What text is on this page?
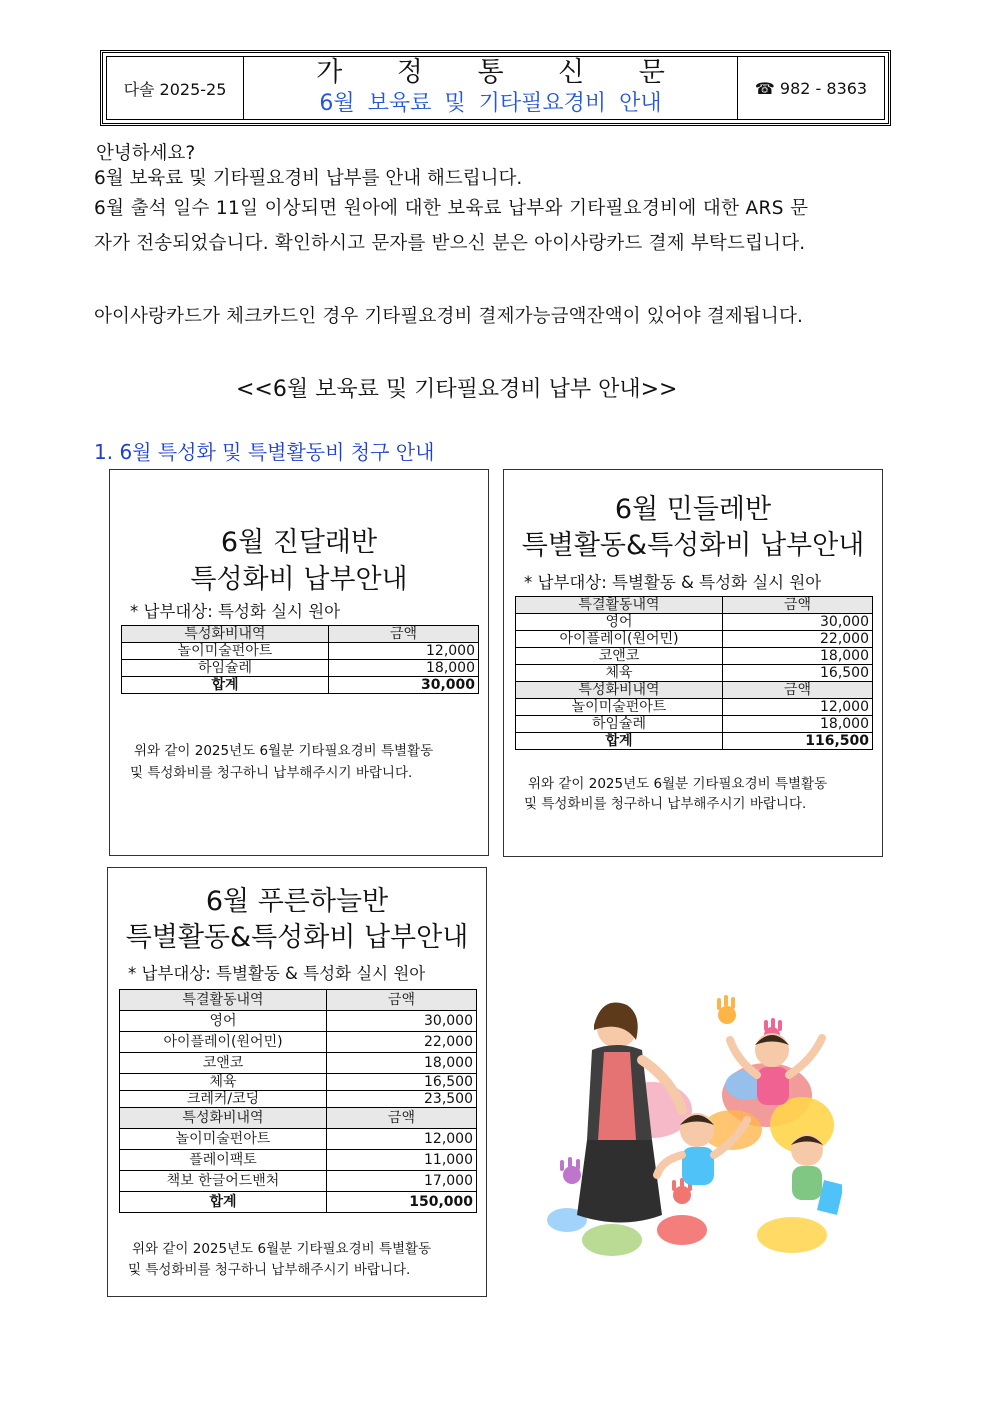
다솔 2025-25
가 정 통 신 문
6월 보육료 및 기타필요경비 안내
☎ 982 - 8363
안녕하세요?
6월 보육료 및 기타필요경비 납부를 안내 해드립니다.
6월 출석 일수 11일 이상되면 원아에 대한 보육료 납부와 기타필요경비에 대한 ARS 문
자가 전송되었습니다. 확인하시고 문자를 받으신 분은 아이사랑카드 결제 부탁드립니다.
아이사랑카드가 체크카드인 경우 기타필요경비 결제가능금액잔액이 있어야 결제됩니다.
<<6월 보육료 및 기타필요경비 납부 안내>>
1. 6월 특성화 및 특별활동비 청구 안내
6월 진달래반
특성화비 납부안내
* 납부대상: 특성화 실시 원아
특성화비내역	금액
놀이미술펀아트	12,000
하임슐레	18,000
합계	30,000
위와 같이 2025년도 6월분 기타필요경비 특별활동
및 특성화비를 청구하니 납부해주시기 바랍니다.
6월 민들레반
특별활동&특성화비 납부안내
* 납부대상: 특별활동 & 특성화 실시 원아
특결활동내역	금액
영어	30,000
아이플레이(원어민)	22,000
코앤코	18,000
체육	16,500
특성화비내역	금액
놀이미술펀아트	12,000
하임슐레	18,000
합계	116,500
위와 같이 2025년도 6월분 기타필요경비 특별활동
및 특성화비를 청구하니 납부해주시기 바랍니다.
6월 푸른하늘반
특별활동&특성화비 납부안내
* 납부대상: 특별활동 & 특성화 실시 원아
특결활동내역	금액
영어	30,000
아이플레이(원어민)	22,000
코앤코	18,000
체육	16,500
크레커/코딩	23,500
특성화비내역	금액
놀이미술펀아트	12,000
플레이팩토	11,000
책보 한글어드밴처	17,000
합계	150,000
위와 같이 2025년도 6월분 기타필요경비 특별활동
및 특성화비를 청구하니 납부해주시기 바랍니다.
